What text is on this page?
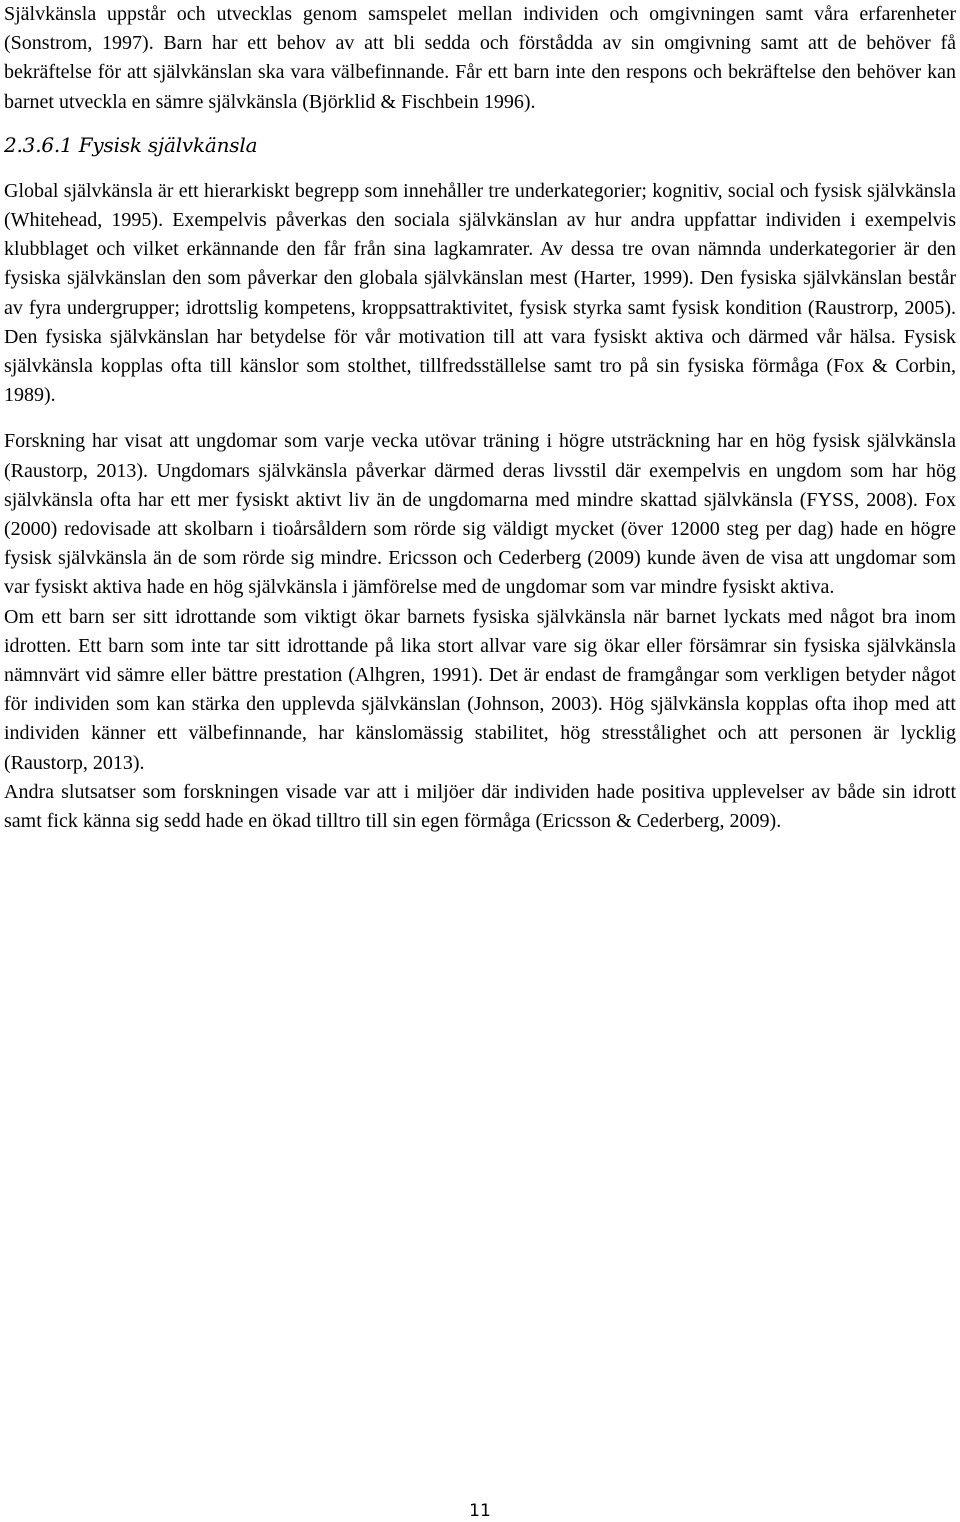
Självkänsla uppstår och utvecklas genom samspelet mellan individen och omgivningen samt våra erfarenheter (Sonstrom, 1997). Barn har ett behov av att bli sedda och förstådda av sin omgivning samt att de behöver få bekräftelse för att självkänslan ska vara välbefinnande. Får ett barn inte den respons och bekräftelse den behöver kan barnet utveckla en sämre självkänsla (Björklid & Fischbein 1996).

2.3.6.1 Fysisk självkänsla

Global självkänsla är ett hierarkiskt begrepp som innehåller tre underkategorier; kognitiv, social och fysisk självkänsla (Whitehead, 1995). Exempelvis påverkas den sociala självkänslan av hur andra uppfattar individen i exempelvis klubblaget och vilket erkännande den får från sina lagkamrater. Av dessa tre ovan nämnda underkategorier är den fysiska självkänslan den som påverkar den globala självkänslan mest (Harter, 1999). Den fysiska självkänslan består av fyra undergrupper; idrottslig kompetens, kroppsattraktivitet, fysisk styrka samt fysisk kondition (Raustrorp, 2005). Den fysiska självkänslan har betydelse för vår motivation till att vara fysiskt aktiva och därmed vår hälsa. Fysisk självkänsla kopplas ofta till känslor som stolthet, tillfredsställelse samt tro på sin fysiska förmåga (Fox & Corbin, 1989).

Forskning har visat att ungdomar som varje vecka utövar träning i högre utsträckning har en hög fysisk självkänsla (Raustorp, 2013). Ungdomars självkänsla påverkar därmed deras livsstil där exempelvis en ungdom som har hög självkänsla ofta har ett mer fysiskt aktivt liv än de ungdomarna med mindre skattad självkänsla (FYSS, 2008). Fox (2000) redovisade att skolbarn i tioårsåldern som rörde sig väldigt mycket (över 12000 steg per dag) hade en högre fysisk självkänsla än de som rörde sig mindre. Ericsson och Cederberg (2009) kunde även de visa att ungdomar som var fysiskt aktiva hade en hög självkänsla i jämförelse med de ungdomar som var mindre fysiskt aktiva.

Om ett barn ser sitt idrottande som viktigt ökar barnets fysiska självkänsla när barnet lyckats med något bra inom idrotten. Ett barn som inte tar sitt idrottande på lika stort allvar vare sig ökar eller försämrar sin fysiska självkänsla nämnvärt vid sämre eller bättre prestation (Alhgren, 1991). Det är endast de framgångar som verkligen betyder något för individen som kan stärka den upplevda självkänslan (Johnson, 2003). Hög självkänsla kopplas ofta ihop med att individen känner ett välbefinnande, har känslomässig stabilitet, hög stresstålighet och att personen är lycklig (Raustorp, 2013).

Andra slutsatser som forskningen visade var att i miljöer där individen hade positiva upplevelser av både sin idrott samt fick känna sig sedd hade en ökad tilltro till sin egen förmåga (Ericsson & Cederberg, 2009).

11
